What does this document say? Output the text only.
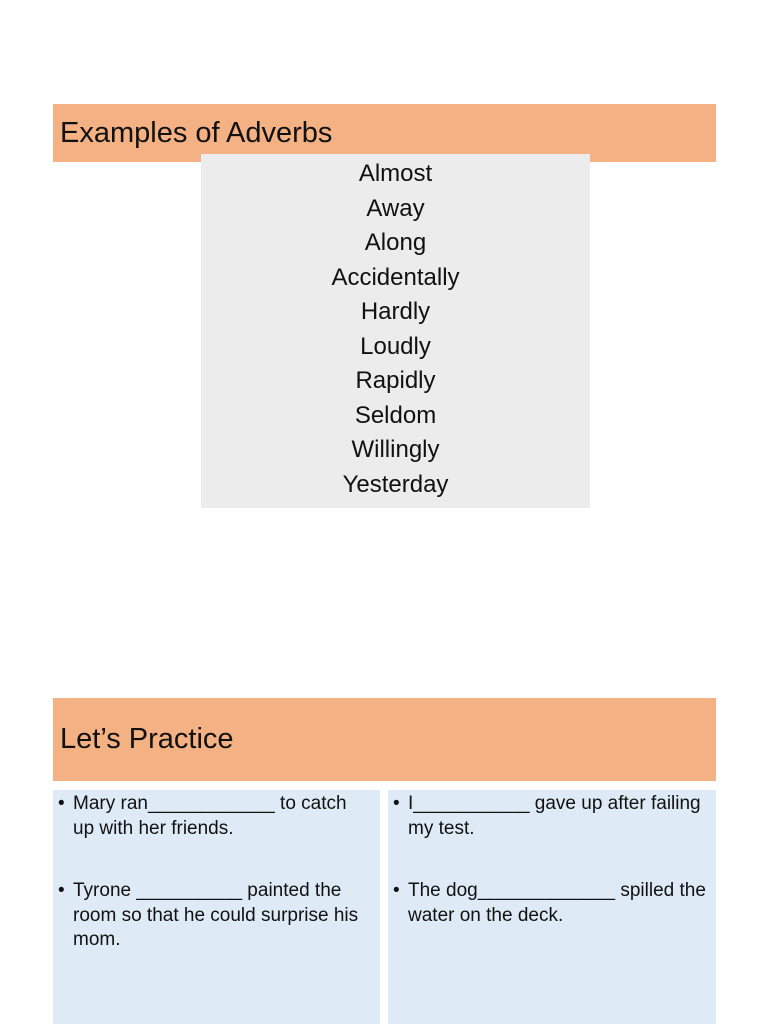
Examples of Adverbs
Almost
Away
Along
Accidentally
Hardly
Loudly
Rapidly
Seldom
Willingly
Yesterday
Let’s Practice
• Mary ran____________ to catch up with her friends.
• Tyrone __________ painted the room so that he could surprise his mom.
• I___________ gave up after failing my test.
• The dog_____________ spilled the water on the deck.
